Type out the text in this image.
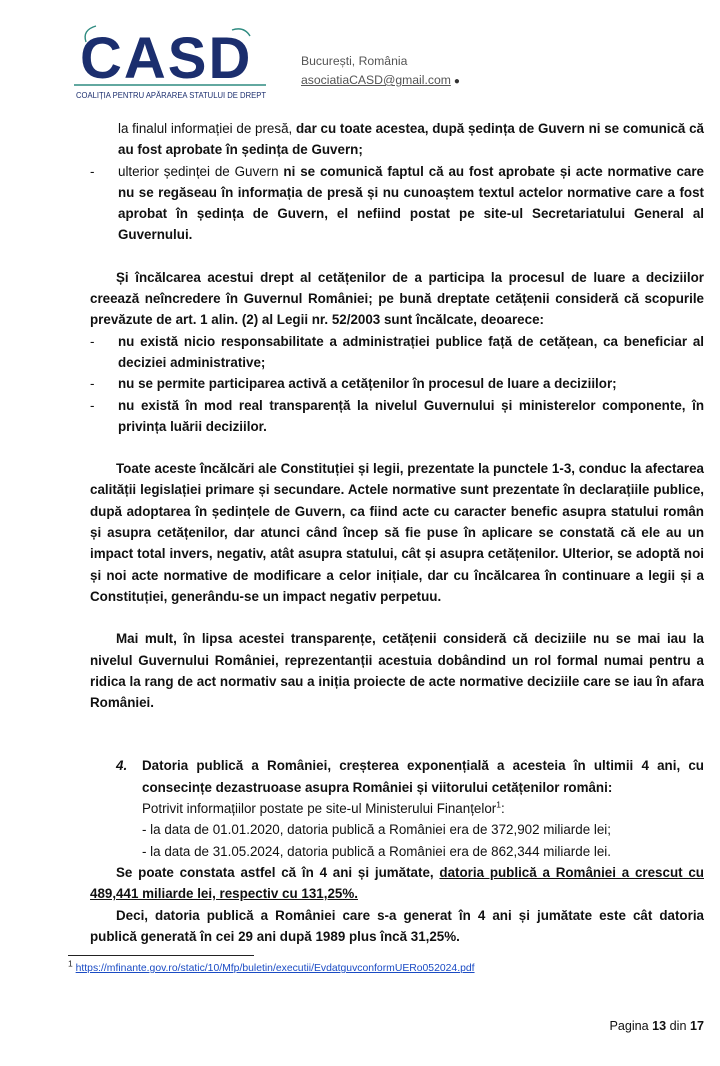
CASD
COALIȚIA PENTRU APĂRAREA STATULUI DE DREPT
București, România
asociatiaCASD@gmail.com ●

la finalul informației de presă, dar cu toate acestea, după ședința de Guvern ni se comunică că au fost aprobate în ședința de Guvern;

- ulterior ședinței de Guvern ni se comunică faptul că au fost aprobate și acte normative care nu se regăseau în informația de presă și nu cunoaștem textul actelor normative care a fost aprobat în ședința de Guvern, el nefiind postat pe site-ul Secretariatului General al Guvernului.

Și încălcarea acestui drept al cetățenilor de a participa la procesul de luare a deciziilor creează neîncredere în Guvernul României; pe bună dreptate cetățenii consideră că scopurile prevăzute de art. 1 alin. (2) al Legii nr. 52/2003 sunt încălcate, deoarece:

- nu există nicio responsabilitate a administrației publice față de cetățean, ca beneficiar al deciziei administrative;
- nu se permite participarea activă a cetățenilor în procesul de luare a deciziilor;
- nu există în mod real transparență la nivelul Guvernului și ministerelor componente, în privința luării deciziilor.

Toate aceste încălcări ale Constituției și legii, prezentate la punctele 1-3, conduc la afectarea calității legislației primare și secundare. Actele normative sunt prezentate în declarațiile publice, după adoptarea în ședințele de Guvern, ca fiind acte cu caracter benefic asupra statului român și asupra cetățenilor, dar atunci când încep să fie puse în aplicare se constată că ele au un impact total invers, negativ, atât asupra statului, cât și asupra cetățenilor. Ulterior, se adoptă noi și noi acte normative de modificare a celor inițiale, dar cu încălcarea în continuare a legii și a Constituției, generându-se un impact negativ perpetuu.

Mai mult, în lipsa acestei transparențe, cetățenii consideră că deciziile nu se mai iau la nivelul Guvernului României, reprezentanții acestuia dobândind un rol formal numai pentru a ridica la rang de act normativ sau a iniția proiecte de acte normative deciziile care se iau în afara României.

4. Datoria publică a României, creșterea exponențială a acesteia în ultimii 4 ani, cu consecințe dezastruoase asupra României și viitorului cetățenilor români:
Potrivit informațiilor postate pe site-ul Ministerului Finanțelor$^1$:
- la data de 01.01.2020, datoria publică a României era de 372,902 miliarde lei;
- la data de 31.05.2024, datoria publică a României era de 862,344 miliarde lei.

Se poate constata astfel că în 4 ani și jumătate, datoria publică a României a crescut cu 489,441 miliarde lei, respectiv cu 131,25%.

Deci, datoria publică a României care s-a generat în 4 ani și jumătate este cât datoria publică generată în cei 29 ani după 1989 plus încă 31,25%.

$^1$ https://mfinante.gov.ro/static/10/Mfp/buletin/executii/EvdatguvconformUERo052024.pdf
Pagina 13 din 17
